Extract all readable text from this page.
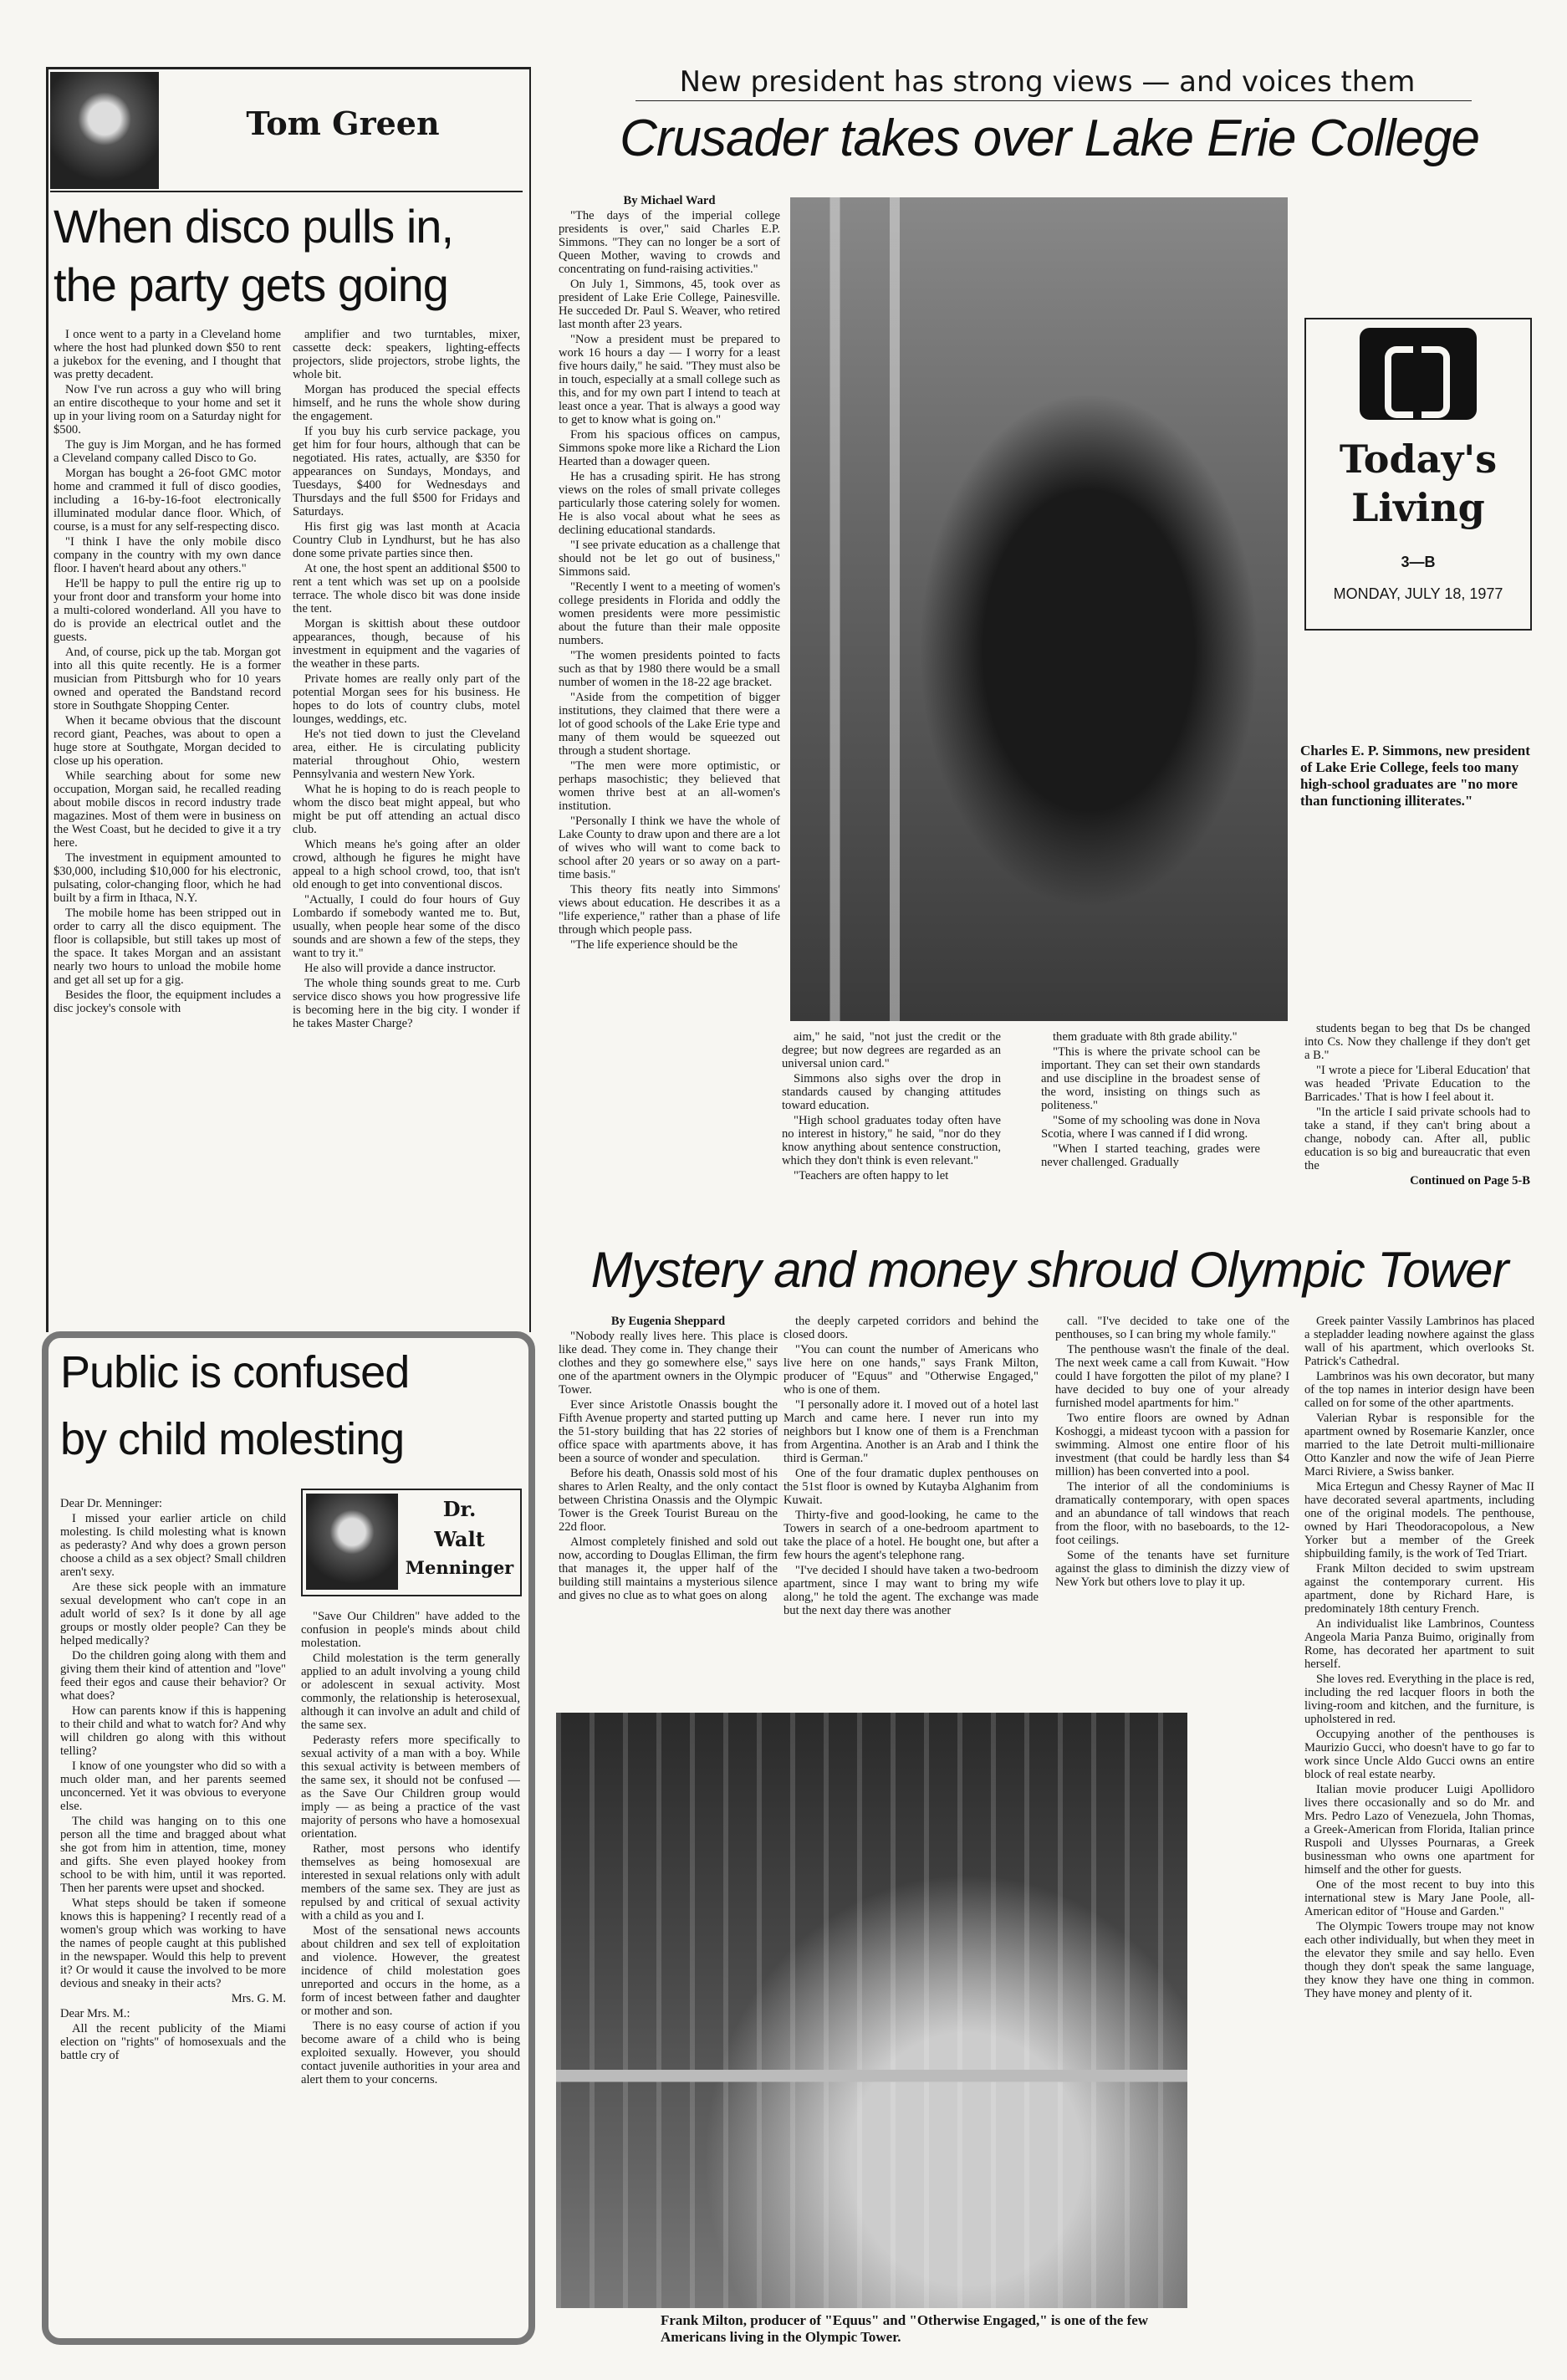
Tom Green
When disco pulls in,
the party gets going

I once went to a party in a Cleveland home where the host had plunked down $50 to rent a jukebox for the evening, and I thought that was pretty decadent.

Now I've run across a guy who will bring an entire discotheque to your home and set it up in your living room on a Saturday night for $500.

The guy is Jim Morgan, and he has formed a Cleveland company called Disco to Go.

Morgan has bought a 26-foot GMC motor home and crammed it full of disco goodies, including a 16-by-16-foot electronically illuminated modular dance floor. Which, of course, is a must for any self-respecting disco.

"I think I have the only mobile disco company in the country with my own dance floor. I haven't heard about any others."

He'll be happy to pull the entire rig up to your front door and transform your home into a multi-colored wonderland. All you have to do is provide an electrical outlet and the guests.

And, of course, pick up the tab. Morgan got into all this quite recently. He is a former musician from Pittsburgh who for 10 years owned and operated the Bandstand record store in Southgate Shopping Center.

When it became obvious that the discount record giant, Peaches, was about to open a huge store at Southgate, Morgan decided to close up his operation.

While searching about for some new occupation, Morgan said, he recalled reading about mobile discos in record industry trade magazines. Most of them were in business on the West Coast, but he decided to give it a try here.

The investment in equipment amounted to $30,000, including $10,000 for his electronic, pulsating, color-changing floor, which he had built by a firm in Ithaca, N.Y.

The mobile home has been stripped out in order to carry all the disco equipment. The floor is collapsible, but still takes up most of the space. It takes Morgan and an assistant nearly two hours to unload the mobile home and get all set up for a gig.

Besides the floor, the equipment includes a disc jockey's console with

amplifier and two turntables, mixer, cassette deck: speakers, lighting-effects projectors, slide projectors, strobe lights, the whole bit.

Morgan has produced the special effects himself, and he runs the whole show during the engagement.

If you buy his curb service package, you get him for four hours, although that can be negotiated. His rates, actually, are $350 for appearances on Sundays, Mondays, and Tuesdays, $400 for Wednesdays and Thursdays and the full $500 for Fridays and Saturdays.

His first gig was last month at Acacia Country Club in Lyndhurst, but he has also done some private parties since then.

At one, the host spent an additional $500 to rent a tent which was set up on a poolside terrace. The whole disco bit was done inside the tent.

Morgan is skittish about these outdoor appearances, though, because of his investment in equipment and the vagaries of the weather in these parts.

Private homes are really only part of the potential Morgan sees for his business. He hopes to do lots of country clubs, motel lounges, weddings, etc.

He's not tied down to just the Cleveland area, either. He is circulating publicity material throughout Ohio, western Pennsylvania and western New York.

What he is hoping to do is reach people to whom the disco beat might appeal, but who might be put off attending an actual disco club.

Which means he's going after an older crowd, although he figures he might have appeal to a high school crowd, too, that isn't old enough to get into conventional discos.

"Actually, I could do four hours of Guy Lombardo if somebody wanted me to. But, usually, when people hear some of the disco sounds and are shown a few of the steps, they want to try it."

He also will provide a dance instructor.

The whole thing sounds great to me. Curb service disco shows you how progressive life is becoming here in the big city. I wonder if he takes Master Charge?

Public is confused
by child molesting

Dear Dr. Menninger:

I missed your earlier article on child molesting. Is child molesting what is known as pederasty? And why does a grown person choose a child as a sex object? Small children aren't sexy.

Are these sick people with an immature sexual development who can't cope in an adult world of sex? Is it done by all age groups or mostly older people? Can they be helped medically?

Do the children going along with them and giving them their kind of attention and "love" feed their egos and cause their behavior? Or what does?

How can parents know if this is happening to their child and what to watch for? And why will children go along with this without telling?

I know of one youngster who did so with a much older man, and her parents seemed unconcerned. Yet it was obvious to everyone else.

The child was hanging on to this one person all the time and bragged about what she got from him in attention, time, money and gifts. She even played hookey from school to be with him, until it was reported. Then her parents were upset and shocked.

What steps should be taken if someone knows this is happening? I recently read of a women's group which was working to have the names of people caught at this published in the newspaper. Would this help to prevent it? Or would it cause the involved to be more devious and sneaky in their acts?

Mrs. G. M.

Dear Mrs. M.:

All the recent publicity of the Miami election on "rights" of homosexuals and the battle cry of

Dr.
Walt
Menninger

"Save Our Children" have added to the confusion in people's minds about child molestation.

Child molestation is the term generally applied to an adult involving a young child or adolescent in sexual activity. Most commonly, the relationship is heterosexual, although it can involve an adult and child of the same sex.

Pederasty refers more specifically to sexual activity of a man with a boy. While this sexual activity is between members of the same sex, it should not be confused — as the Save Our Children group would imply — as being a practice of the vast majority of persons who have a homosexual orientation.

Rather, most persons who identify themselves as being homosexual are interested in sexual relations only with adult members of the same sex. They are just as repulsed by and critical of sexual activity with a child as you and I.

Most of the sensational news accounts about children and sex tell of exploitation and violence. However, the greatest incidence of child molestation goes unreported and occurs in the home, as a form of incest between father and daughter or mother and son.

There is no easy course of action if you become aware of a child who is being exploited sexually. However, you should contact juvenile authorities in your area and alert them to your concerns.

New president has strong views — and voices them
Crusader takes over Lake Erie College

By Michael Ward

"The days of the imperial college presidents is over," said Charles E.P. Simmons. "They can no longer be a sort of Queen Mother, waving to crowds and concentrating on fund-raising activities."

On July 1, Simmons, 45, took over as president of Lake Erie College, Painesville. He succeded Dr. Paul S. Weaver, who retired last month after 23 years.

"Now a president must be prepared to work 16 hours a day — I worry for a least five hours daily," he said. "They must also be in touch, especially at a small college such as this, and for my own part I intend to teach at least once a year. That is always a good way to get to know what is going on."

From his spacious offices on campus, Simmons spoke more like a Richard the Lion Hearted than a dowager queen.

He has a crusading spirit. He has strong views on the roles of small private colleges particularly those catering solely for women. He is also vocal about what he sees as declining educational standards.

"I see private education as a challenge that should not be let go out of business," Simmons said.

"Recently I went to a meeting of women's college presidents in Florida and oddly the women presidents were more pessimistic about the future than their male opposite numbers.

"The women presidents pointed to facts such as that by 1980 there would be a small number of women in the 18-22 age bracket.

"Aside from the competition of bigger institutions, they claimed that there were a lot of good schools of the Lake Erie type and many of them would be squeezed out through a student shortage.

"The men were more optimistic, or perhaps masochistic; they believed that women thrive best at an all-women's institution.

"Personally I think we have the whole of Lake County to draw upon and there are a lot of wives who will want to come back to school after 20 years or so away on a part-time basis."

This theory fits neatly into Simmons' views about education. He describes it as a "life experience," rather than a phase of life through which people pass.

"The life experience should be the

Today's
Living
3—B
MONDAY, JULY 18, 1977
Charles E. P. Simmons, new president of Lake Erie College, feels too many high-school graduates are "no more than functioning illiterates."

aim," he said, "not just the credit or the degree; but now degrees are regarded as an universal union card."

Simmons also sighs over the drop in standards caused by changing attitudes toward education.

"High school graduates today often have no interest in history," he said, "nor do they know anything about sentence construction, which they don't think is even relevant."

"Teachers are often happy to let

them graduate with 8th grade ability."

"This is where the private school can be important. They can set their own standards and use discipline in the broadest sense of the word, insisting on things such as politeness."

"Some of my schooling was done in Nova Scotia, where I was canned if I did wrong.

"When I started teaching, grades were never challenged. Gradually

students began to beg that Ds be changed into Cs. Now they challenge if they don't get a B."

"I wrote a piece for 'Liberal Education' that was headed 'Private Education to the Barricades.' That is how I feel about it.

"In the article I said private schools had to take a stand, if they can't bring about a change, nobody can. After all, public education is so big and bureaucratic that even the

Continued on Page 5-B

Mystery and money shroud Olympic Tower

By Eugenia Sheppard

"Nobody really lives here. This place is like dead. They come in. They change their clothes and they go somewhere else," says one of the apartment owners in the Olympic Tower.

Ever since Aristotle Onassis bought the Fifth Avenue property and started putting up the 51-story building that has 22 stories of office space with apartments above, it has been a source of wonder and speculation.

Before his death, Onassis sold most of his shares to Arlen Realty, and the only contact between Christina Onassis and the Olympic Tower is the Greek Tourist Bureau on the 22d floor.

Almost completely finished and sold out now, according to Douglas Elliman, the firm that manages it, the upper half of the building still maintains a mysterious silence and gives no clue as to what goes on along

the deeply carpeted corridors and behind the closed doors.

"You can count the number of Americans who live here on one hands," says Frank Milton, producer of "Equus" and "Otherwise Engaged," who is one of them.

"I personally adore it. I moved out of a hotel last March and came here. I never run into my neighbors but I know one of them is a Frenchman from Argentina. Another is an Arab and I think the third is German."

One of the four dramatic duplex penthouses on the 51st floor is owned by Kutayba Alghanim from Kuwait.

Thirty-five and good-looking, he came to the Towers in search of a one-bedroom apartment to take the place of a hotel. He bought one, but after a few hours the agent's telephone rang.

"I've decided I should have taken a two-bedroom apartment, since I may want to bring my wife along," he told the agent. The exchange was made but the next day there was another

call. "I've decided to take one of the penthouses, so I can bring my whole family."

The penthouse wasn't the finale of the deal. The next week came a call from Kuwait. "How could I have forgotten the pilot of my plane? I have decided to buy one of your already furnished model apartments for him."

Two entire floors are owned by Adnan Koshoggi, a mideast tycoon with a passion for swimming. Almost one entire floor of his investment (that could be hardly less than $4 million) has been converted into a pool.

The interior of all the condominiums is dramatically contemporary, with open spaces and an abundance of tall windows that reach from the floor, with no baseboards, to the 12-foot ceilings.

Some of the tenants have set furniture against the glass to diminish the dizzy view of New York but others love to play it up.

Greek painter Vassily Lambrinos has placed a stepladder leading nowhere against the glass wall of his apartment, which overlooks St. Patrick's Cathedral.

Lambrinos was his own decorator, but many of the top names in interior design have been called on for some of the other apartments.

Valerian Rybar is responsible for the apartment owned by Rosemarie Kanzler, once married to the late Detroit multi-millionaire Otto Kanzler and now the wife of Jean Pierre Marci Riviere, a Swiss banker.

Mica Ertegun and Chessy Rayner of Mac II have decorated several apartments, including one of the original models. The penthouse, owned by Hari Theodoracopolous, a New Yorker but a member of the Greek shipbuilding family, is the work of Ted Triart.

Frank Milton decided to swim upstream against the contemporary current. His apartment, done by Richard Hare, is predominately 18th century French.

An individualist like Lambrinos, Countess Angeola Maria Panza Buimo, originally from Rome, has decorated her apartment to suit herself.

She loves red. Everything in the place is red, including the red lacquer floors in both the living-room and kitchen, and the furniture, is upholstered in red.

Occupying another of the penthouses is Maurizio Gucci, who doesn't have to go far to work since Uncle Aldo Gucci owns an entire block of real estate nearby.

Italian movie producer Luigi Apollidoro lives there occasionally and so do Mr. and Mrs. Pedro Lazo of Venezuela, John Thomas, a Greek-American from Florida, Italian prince Ruspoli and Ulysses Pournaras, a Greek businessman who owns one apartment for himself and the other for guests.

One of the most recent to buy into this international stew is Mary Jane Poole, all-American editor of "House and Garden."

The Olympic Towers troupe may not know each other individually, but when they meet in the elevator they smile and say hello. Even though they don't speak the same language, they know they have one thing in common. They have money and plenty of it.

Frank Milton, producer of "Equus" and "Otherwise Engaged," is one of the few Americans living in the Olympic Tower.
